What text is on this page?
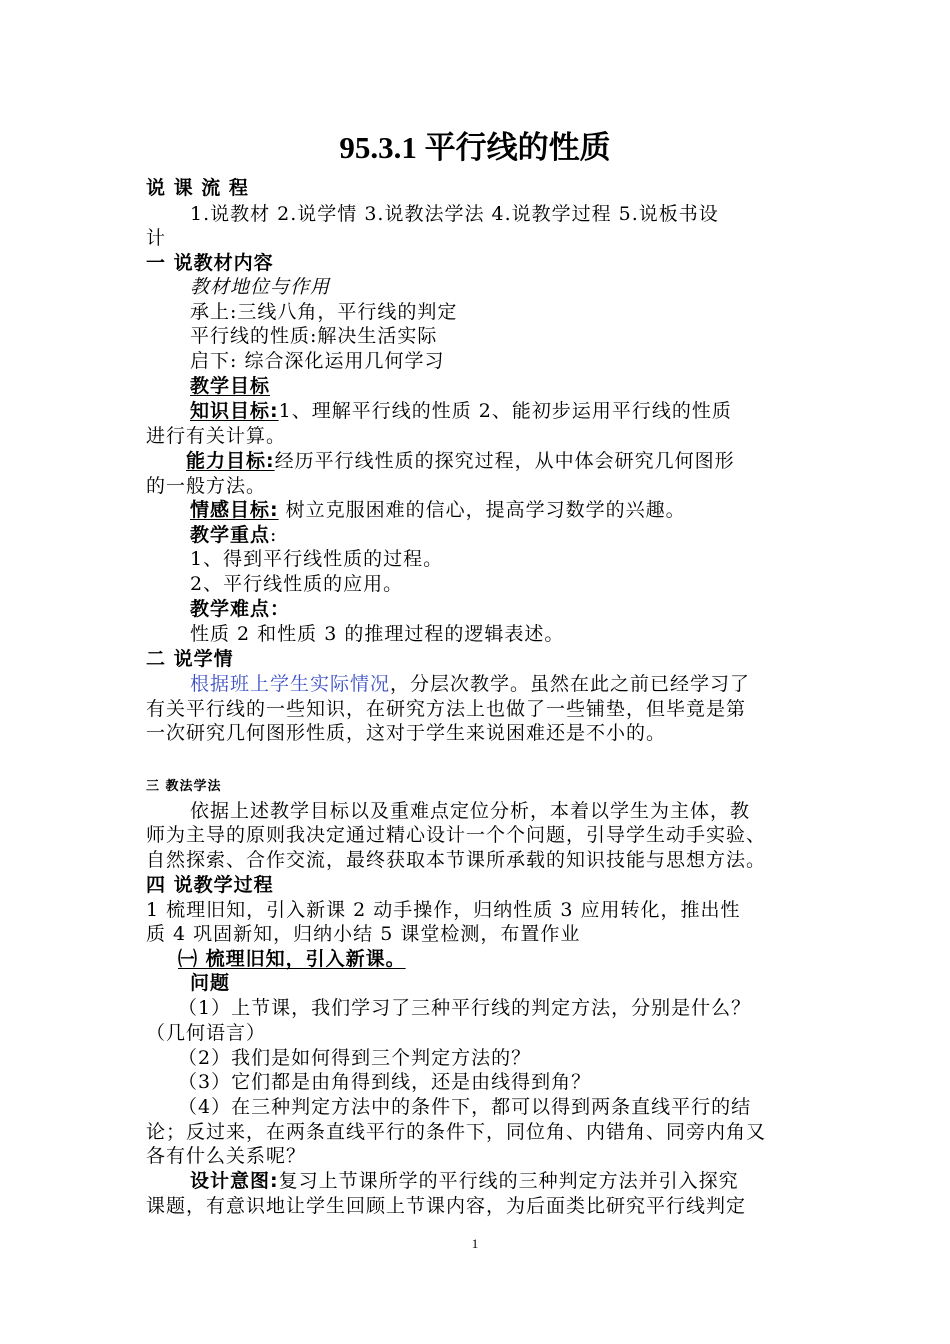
95.3.1 平行线的性质
说 课 流 程
1.说教材 2.说学情 3.说教法学法 4.说教学过程 5.说板书设
计
一 说教材内容
教材地位与作用
承上:三线八角，平行线的判定
平行线的性质:解决生活实际
启下: 综合深化运用几何学习
教学目标
知识目标:1、理解平行线的性质 2、能初步运用平行线的性质
进行有关计算。
能力目标:经历平行线性质的探究过程，从中体会研究几何图形
的一般方法。
情感目标: 树立克服困难的信心，提高学习数学的兴趣。
教学重点:
1、得到平行线性质的过程。
2、平行线性质的应用。
教学难点：
性质 2 和性质 3 的推理过程的逻辑表述。
二 说学情
根据班上学生实际情况，分层次教学。虽然在此之前已经学习了
有关平行线的一些知识，在研究方法上也做了一些铺垫，但毕竟是第
一次研究几何图形性质，这对于学生来说困难还是不小的。
三 教法学法
依据上述教学目标以及重难点定位分析，本着以学生为主体，教
师为主导的原则我决定通过精心设计一个个问题，引导学生动手实验、
自然探索、合作交流，最终获取本节课所承载的知识技能与思想方法。
四 说教学过程
1 梳理旧知，引入新课 2 动手操作，归纳性质 3 应用转化，推出性
质 4 巩固新知，归纳小结 5 课堂检测，布置作业
㈠ 梳理旧知，引入新课。
问题
（1）上节课，我们学习了三种平行线的判定方法，分别是什么？
（几何语言）
（2）我们是如何得到三个判定方法的？
（3）它们都是由角得到线，还是由线得到角？
（4）在三种判定方法中的条件下，都可以得到两条直线平行的结
论；反过来，在两条直线平行的条件下，同位角、内错角、同旁内角又
各有什么关系呢？
设计意图:复习上节课所学的平行线的三种判定方法并引入探究
课题，有意识地让学生回顾上节课内容，为后面类比研究平行线判定
1
